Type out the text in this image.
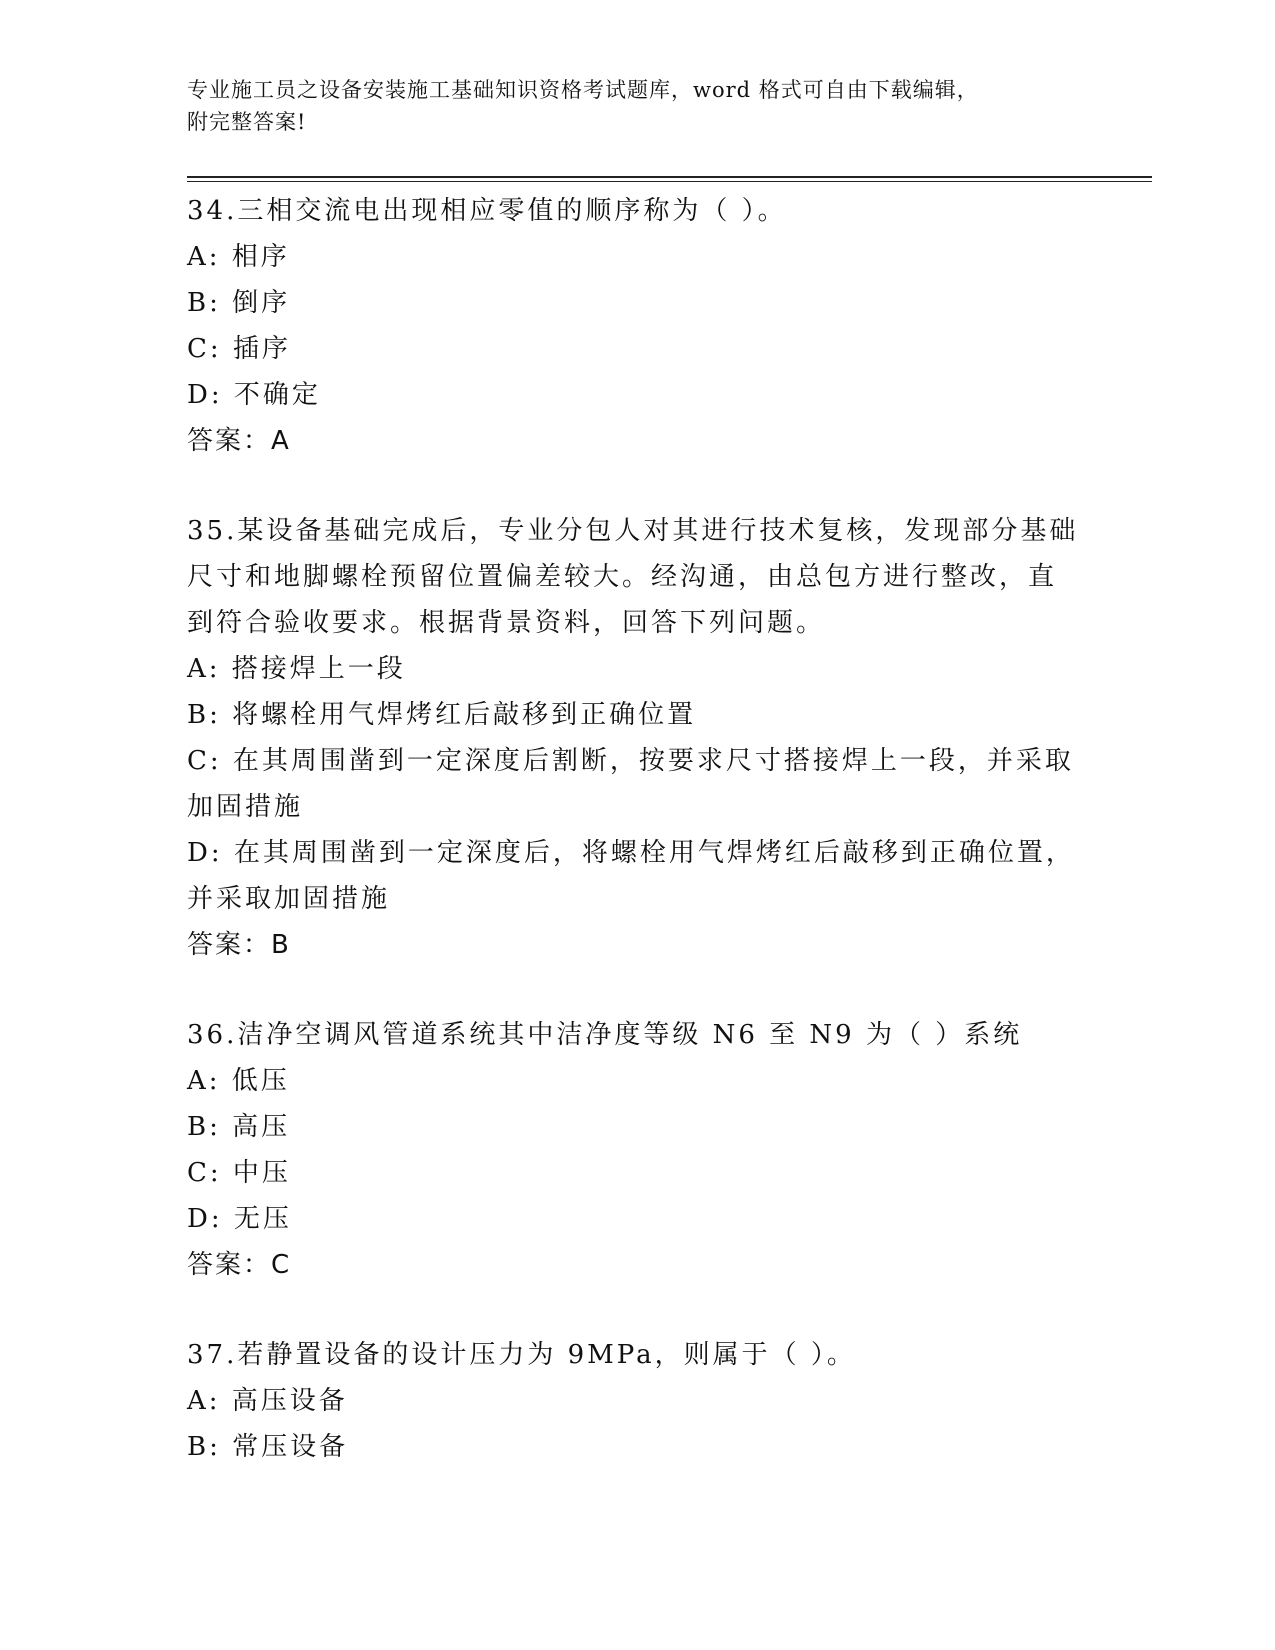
专业施工员之设备安装施工基础知识资格考试题库，word 格式可自由下载编辑，
附完整答案!
34.三相交流电出现相应零值的顺序称为（ ）。
A: 相序
B: 倒序
C: 插序
D: 不确定
答案：A
35.某设备基础完成后，专业分包人对其进行技术复核，发现部分基础
尺寸和地脚螺栓预留位置偏差较大。经沟通，由总包方进行整改，直
到符合验收要求。根据背景资料，回答下列问题。
A: 搭接焊上一段
B: 将螺栓用气焊烤红后敲移到正确位置
C: 在其周围凿到一定深度后割断，按要求尺寸搭接焊上一段，并采取
加固措施
D: 在其周围凿到一定深度后，将螺栓用气焊烤红后敲移到正确位置，
并采取加固措施
答案：B
36.洁净空调风管道系统其中洁净度等级 N6 至 N9 为（ ）系统
A: 低压
B: 高压
C: 中压
D: 无压
答案：C
37.若静置设备的设计压力为 9MPa，则属于（ ）。
A: 高压设备
B: 常压设备
